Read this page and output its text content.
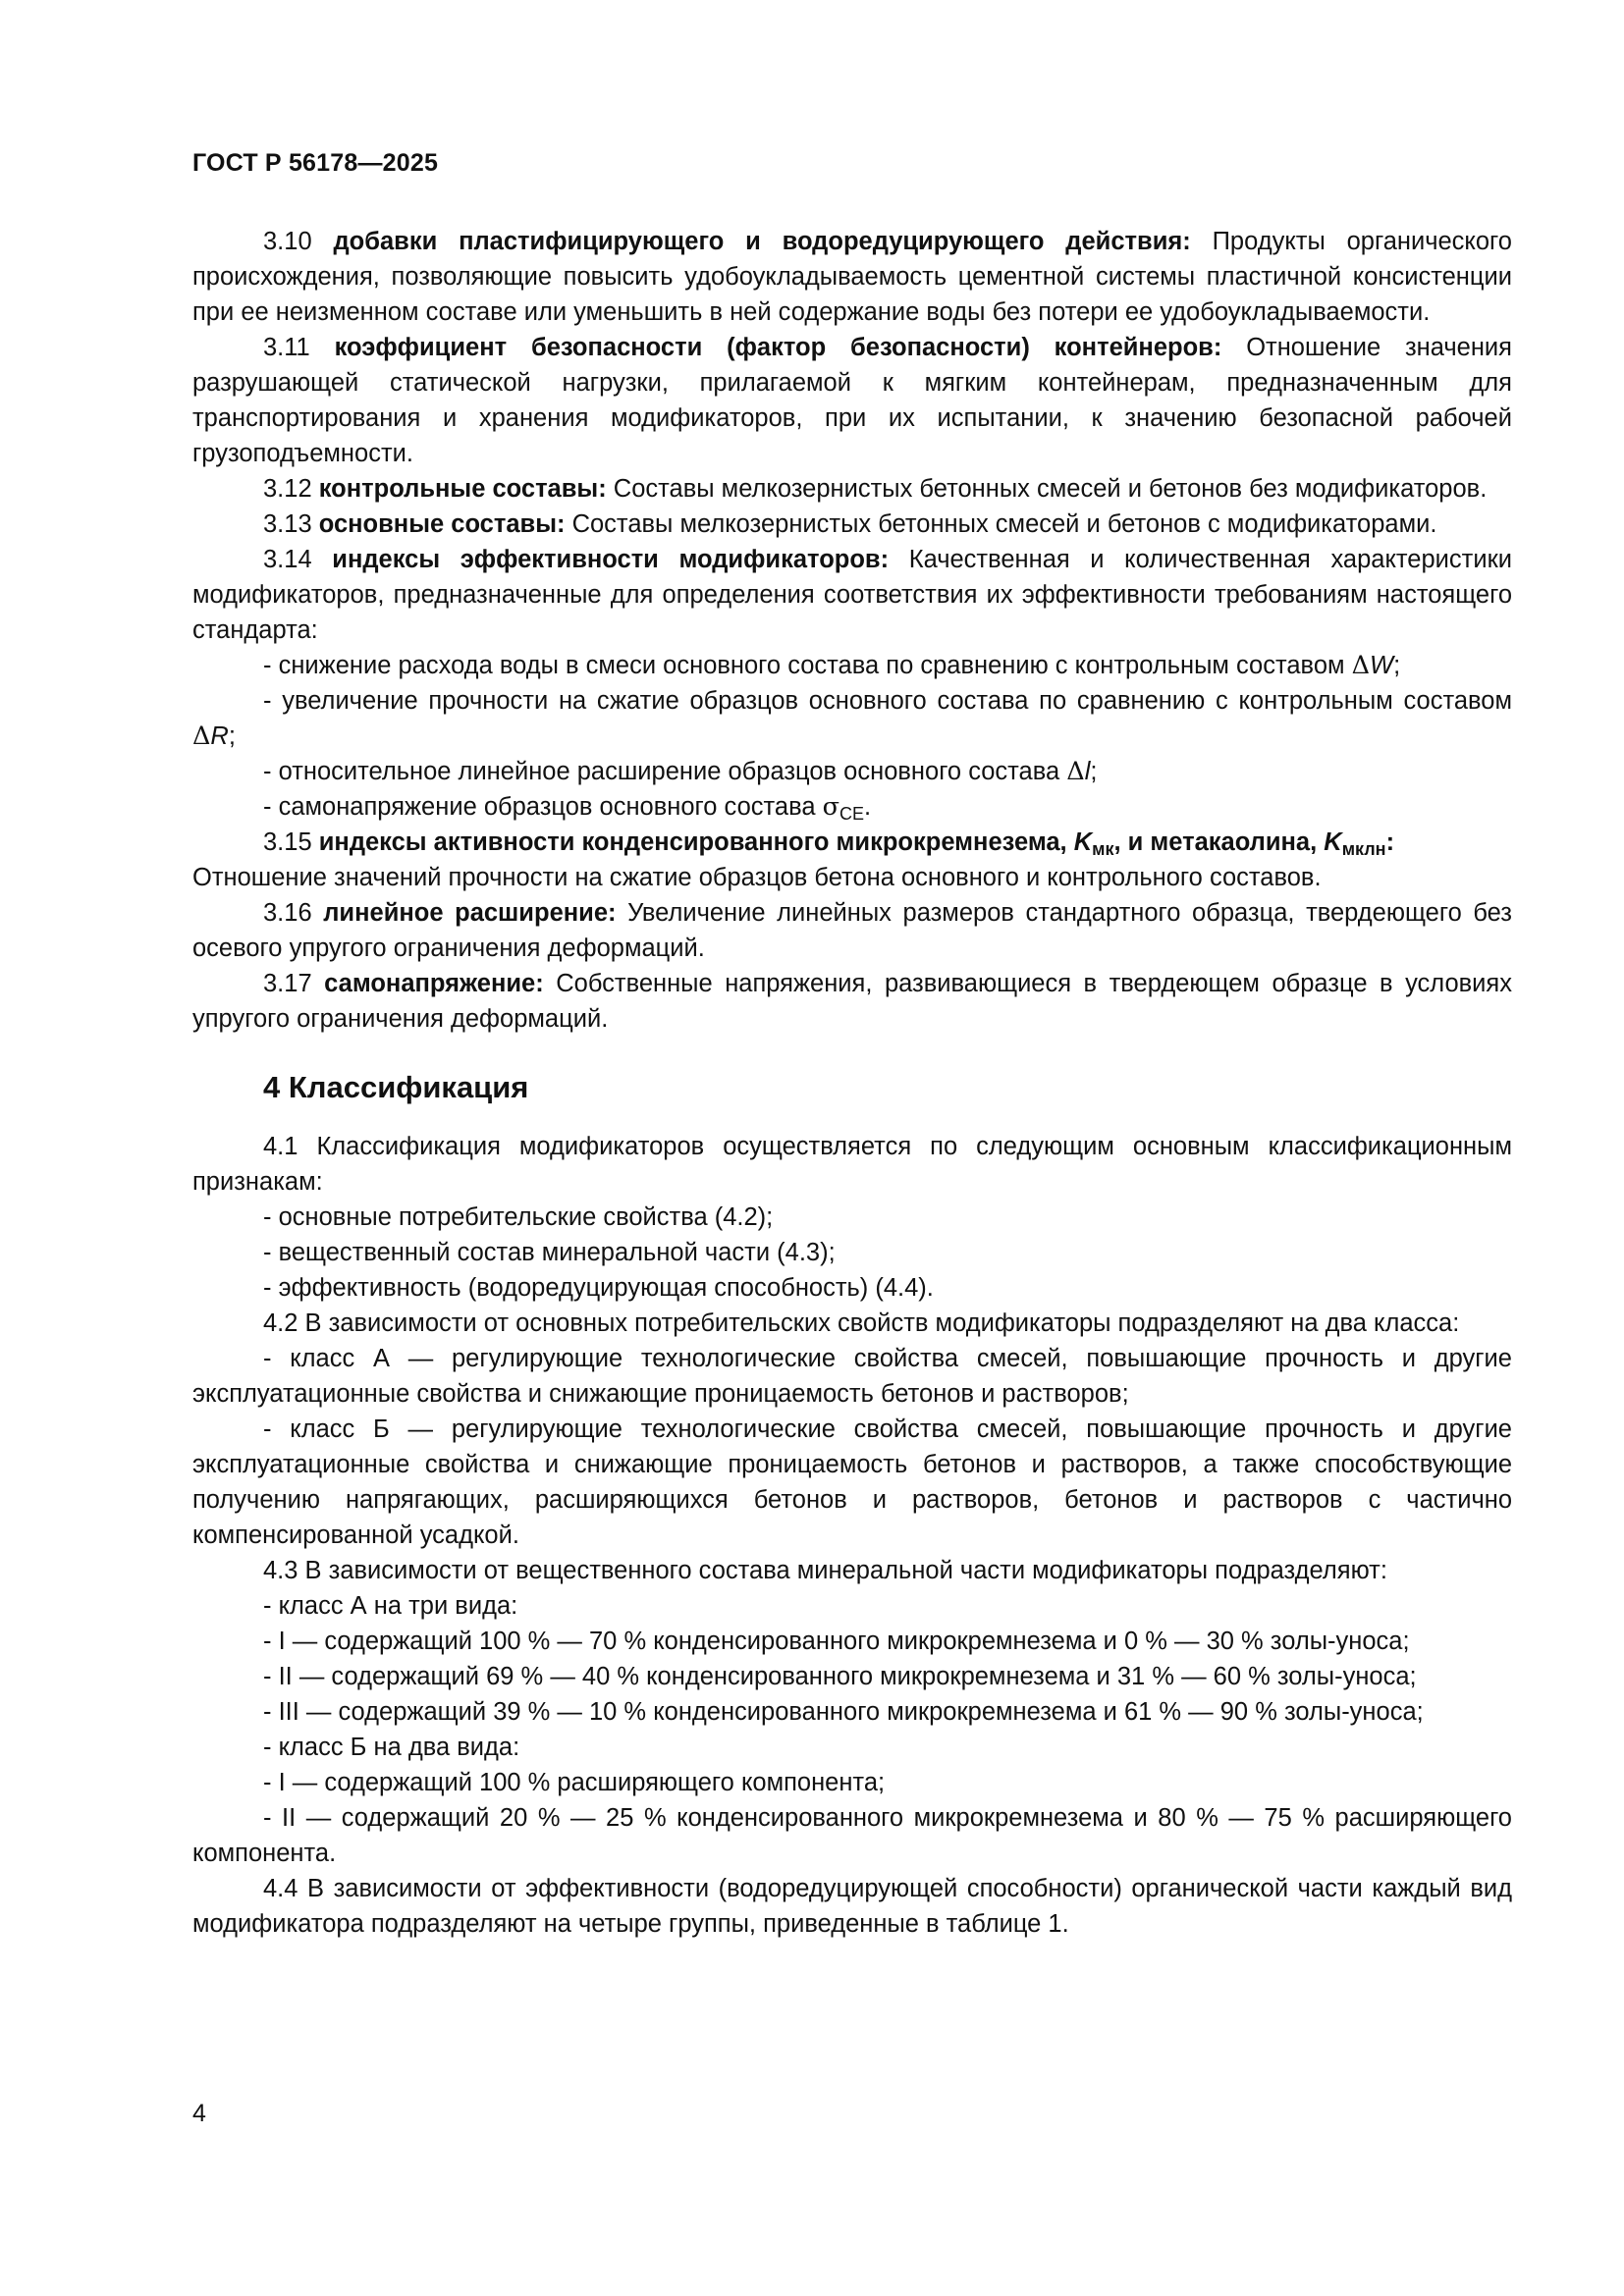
ГОСТ Р 56178—2025

3.10 добавки пластифицирующего и водоредуцирующего действия: Продукты органического происхождения, позволяющие повысить удобоукладываемость цементной системы пластичной консистенции при ее неизменном составе или уменьшить в ней содержание воды без потери ее удобоукладываемости.

3.11 коэффициент безопасности (фактор безопасности) контейнеров: Отношение значения разрушающей статической нагрузки, прилагаемой к мягким контейнерам, предназначенным для транспортирования и хранения модификаторов, при их испытании, к значению безопасной рабочей грузоподъемности.

3.12 контрольные составы: Составы мелкозернистых бетонных смесей и бетонов без модификаторов.

3.13 основные составы: Составы мелкозернистых бетонных смесей и бетонов с модификаторами.

3.14 индексы эффективности модификаторов: Качественная и количественная характеристики модификаторов, предназначенные для определения соответствия их эффективности требованиям настоящего стандарта:

- снижение расхода воды в смеси основного состава по сравнению с контрольным составом ΔW;

- увеличение прочности на сжатие образцов основного состава по сравнению с контрольным составом ΔR;

- относительное линейное расширение образцов основного состава Δl;

- самонапряжение образцов основного состава $\sigma_{CE}$.

3.15 индексы активности конденсированного микрокремнезема, $K_{мк}$, и метакаолина, $K_{мклн}$:

Отношение значений прочности на сжатие образцов бетона основного и контрольного составов.

3.16 линейное расширение: Увеличение линейных размеров стандартного образца, твердеющего без осевого упругого ограничения деформаций.

3.17 самонапряжение: Собственные напряжения, развивающиеся в твердеющем образце в условиях упругого ограничения деформаций.

4 Классификация

4.1 Классификация модификаторов осуществляется по следующим основным классификационным признакам:

- основные потребительские свойства (4.2);

- вещественный состав минеральной части (4.3);

- эффективность (водоредуцирующая способность) (4.4).

4.2 В зависимости от основных потребительских свойств модификаторы подразделяют на два класса:

- класс А — регулирующие технологические свойства смесей, повышающие прочность и другие эксплуатационные свойства и снижающие проницаемость бетонов и растворов;

- класс Б — регулирующие технологические свойства смесей, повышающие прочность и другие эксплуатационные свойства и снижающие проницаемость бетонов и растворов, а также способствующие получению напрягающих, расширяющихся бетонов и растворов, бетонов и растворов с частично компенсированной усадкой.

4.3 В зависимости от вещественного состава минеральной части модификаторы подразделяют:

- класс А на три вида:

- I — содержащий 100 % — 70 % конденсированного микрокремнезема и 0 % — 30 % золы-уноса;

- II — содержащий 69 % — 40 % конденсированного микрокремнезема и 31 % — 60 % золы-уноса;

- III — содержащий 39 % — 10 % конденсированного микрокремнезема и 61 % — 90 % золы-уноса;

- класс Б на два вида:

- I — содержащий 100 % расширяющего компонента;

- II — содержащий 20 % — 25 % конденсированного микрокремнезема и 80 % — 75 % расширяющего компонента.

4.4 В зависимости от эффективности (водоредуцирующей способности) органической части каждый вид модификатора подразделяют на четыре группы, приведенные в таблице 1.

4
